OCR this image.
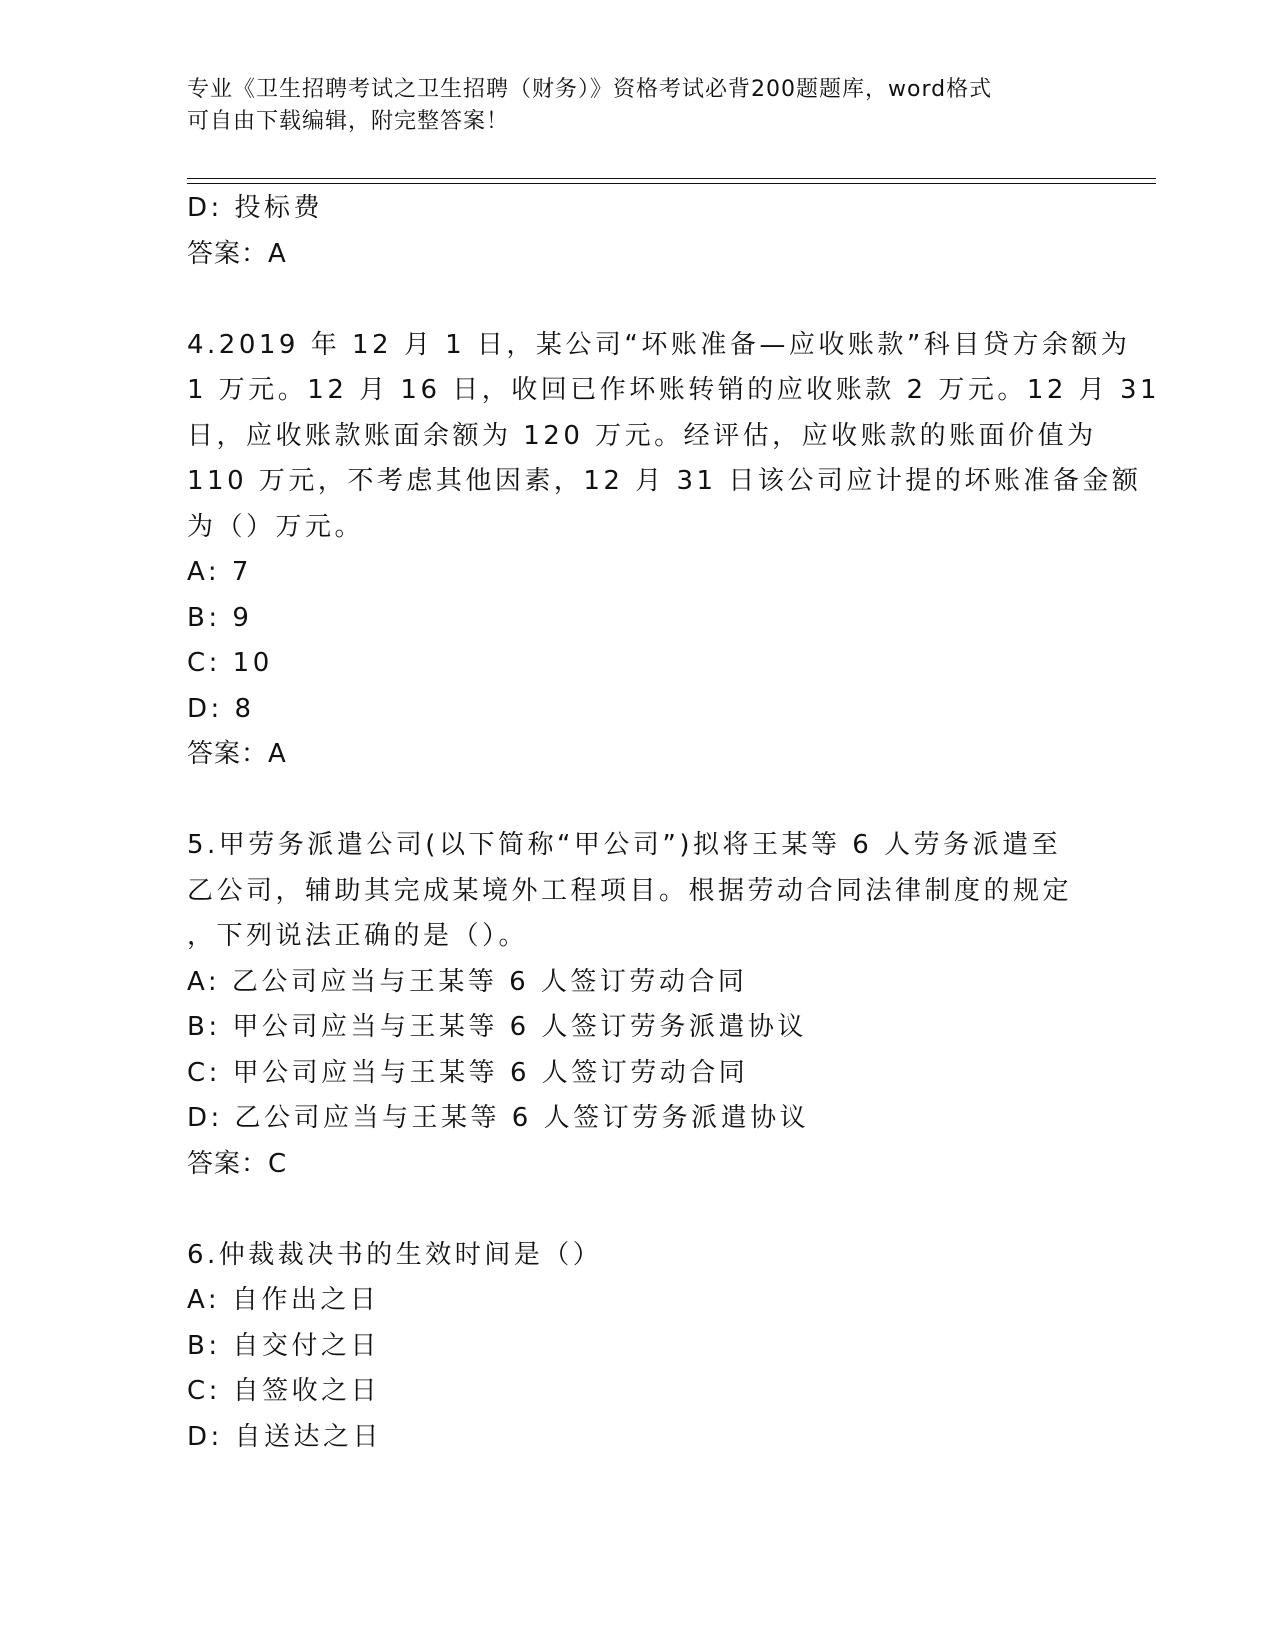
专业《卫生招聘考试之卫生招聘（财务）》资格考试必背200题题库，word格式
可自由下载编辑，附完整答案！
D: 投标费
答案：A
4.2019 年 12 月 1 日，某公司“坏账准备—应收账款”科目贷方余额为
1 万元。12 月 16 日，收回已作坏账转销的应收账款 2 万元。12 月 31
日，应收账款账面余额为 120 万元。经评估，应收账款的账面价值为
110 万元，不考虑其他因素，12 月 31 日该公司应计提的坏账准备金额
为（）万元。
A: 7
B: 9
C: 10
D: 8
答案：A
5.甲劳务派遣公司(以下简称“甲公司”)拟将王某等 6 人劳务派遣至
乙公司，辅助其完成某境外工程项目。根据劳动合同法律制度的规定
，下列说法正确的是（）。
A: 乙公司应当与王某等 6 人签订劳动合同
B: 甲公司应当与王某等 6 人签订劳务派遣协议
C: 甲公司应当与王某等 6 人签订劳动合同
D: 乙公司应当与王某等 6 人签订劳务派遣协议
答案：C
6.仲裁裁决书的生效时间是（）
A: 自作出之日
B: 自交付之日
C: 自签收之日
D: 自送达之日
